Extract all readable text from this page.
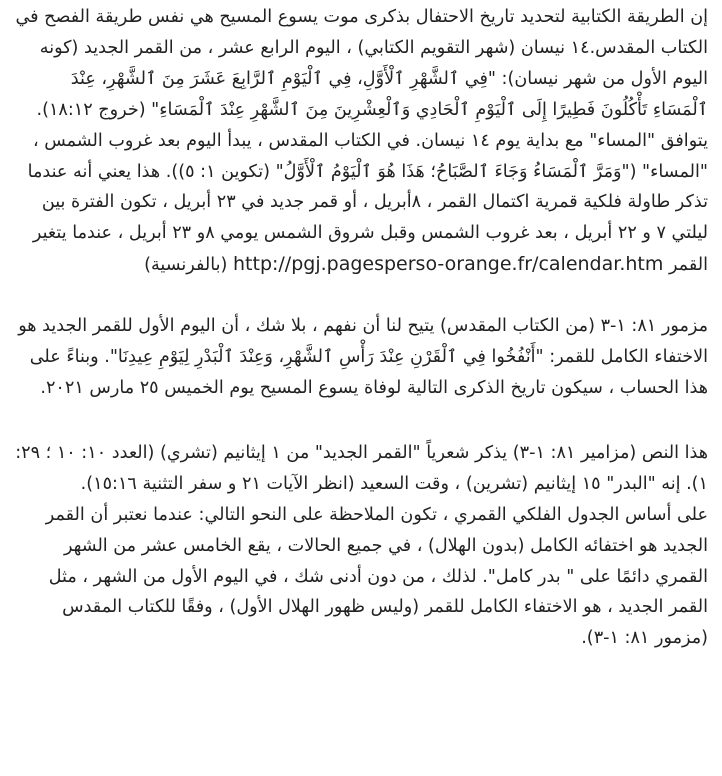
إن الطريقة الكتابية لتحديد تاريخ الاحتفال بذكرى موت يسوع المسيح هي نفس طريقة الفصح في الكتاب المقدس.١٤ نيسان (شهر التقويم الكتابي) ، اليوم الرابع عشر ، من القمر الجديد (كونه اليوم الأول من شهر نيسان): "فِي ٱلشَّهْرِ ٱلْأَوَّلِ، فِي ٱلْيَوْمِ ٱلرَّابِعَ عَشَرَ مِنَ ٱلشَّهْرِ، عِنْدَ ٱلْمَسَاءِ تَأْكُلُونَ فَطِيرًا إِلَى ٱلْيَوْمِ ٱلْحَادِي وَٱلْعِشْرِينَ مِنَ ٱلشَّهْرِ عِنْدَ ٱلْمَسَاءِ" (خروج ١٨:١٢). يتوافق "المساء" مع بداية يوم ١٤ نيسان. في الكتاب المقدس ، يبدأ اليوم بعد غروب الشمس ، "المساء" ("وَمَرَّ ٱلْمَسَاءُ وَجَاءَ ٱلصَّبَاحُ؛ هَذَا هُوَ ٱلْيَوْمُ ٱلْأَوَّلُ" (تكوين ١: ٥)). هذا يعني أنه عندما تذكر طاولة فلكية قمرية اكتمال القمر ، ٨أبريل ، أو قمر جديد في ٢٣ أبريل ، تكون الفترة بين ليلتي ٧ و ٢٢ أبريل ، بعد غروب الشمس وقبل شروق الشمس يومي ٨و ٢٣ أبريل ، عندما يتغير القمر http://pgj.pagesperso-orange.fr/calendar.htm (بالفرنسية)

مزمور ٨١: ١-٣ (من الكتاب المقدس) يتيح لنا أن نفهم ، بلا شك ، أن اليوم الأول للقمر الجديد هو الاختفاء الكامل للقمر: "أَنْفُخُوا فِي ٱلْقَرْنِ عِنْدَ رَأْسِ ٱلشَّهْرِ، وَعِنْدَ ٱلْبَدْرِ لِيَوْمِ عِيدِنَا". وبناءً على هذا الحساب ، سيكون تاريخ الذكرى التالية لوفاة يسوع المسيح يوم الخميس ٢٥ مارس ٢٠٢١.

هذا النص (مزامير ٨١: ١-٣) يذكر شعرياً "القمر الجديد" من ١ إيثانيم (تشري) (العدد ١٠: ١٠ ؛ ٢٩: ١). إنه "البدر" ١٥ إيثانيم (تشرين) ، وقت السعيد (انظر الآيات ٢١ و سفر التثنية ١٥:١٦).

على أساس الجدول الفلكي القمري ، تكون الملاحظة على النحو التالي: عندما نعتبر أن القمر الجديد هو اختفائه الكامل (بدون الهلال) ، في جميع الحالات ، يقع الخامس عشر من الشهر القمري دائمًا على " بدر كامل". لذلك ، من دون أدنى شك ، في اليوم الأول من الشهر ، مثل القمر الجديد ، هو الاختفاء الكامل للقمر (وليس ظهور الهلال الأول) ، وفقًا للكتاب المقدس (مزمور ٨١: ١-٣).
